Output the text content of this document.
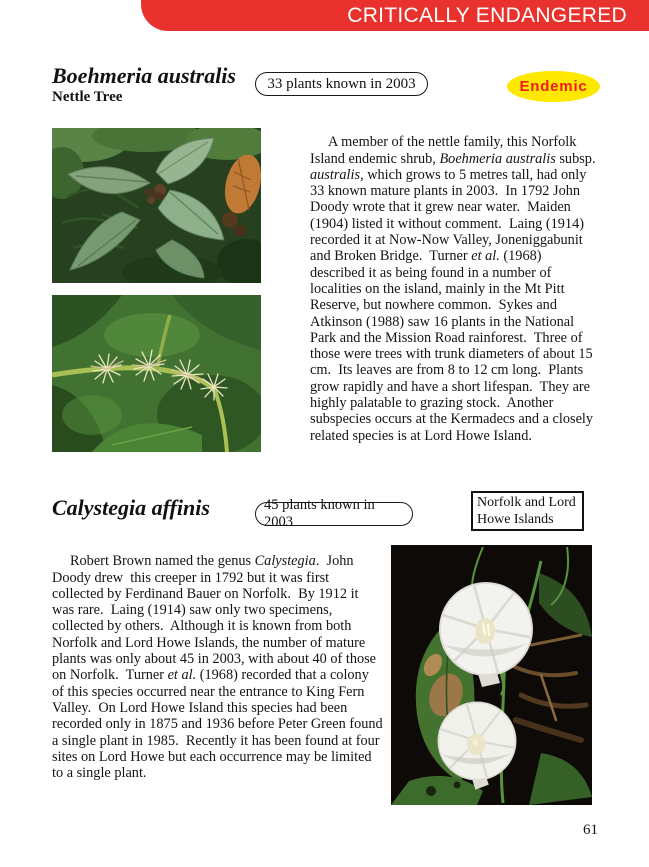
CRITICALLY ENDANGERED
Boehmeria australis
Nettle Tree
33 plants known in 2003	Endemic

A member of the nettle family, this Norfolk Island endemic shrub, Boehmeria australis subsp. australis, which grows to 5 metres tall, had only 33 known mature plants in 2003.  In 1792 John Doody wrote that it grew near water.  Maiden (1904) listed it without comment.  Laing (1914) recorded it at Now-Now Valley, Joneniggabunit and Broken Bridge.  Turner et al. (1968) described it as being found in a number of localities on the island, mainly in the Mt Pitt Reserve, but nowhere common.  Sykes and Atkinson (1988) saw 16 plants in the National Park and the Mission Road rainforest.  Three of those were trees with trunk diameters of about 15 cm.  Its leaves are from 8 to 12 cm long.  Plants grow rapidly and have a short lifespan.  They are highly palatable to grazing stock.  Another subspecies occurs at the Kermadecs and a closely related species is at Lord Howe Island.

Calystegia affinis	45 plants known in 2003
Norfolk and Lord
Howe Islands

Robert Brown named the genus Calystegia.  John Doody drew  this creeper in 1792 but it was first collected by Ferdinand Bauer on Norfolk.  By 1912 it was rare.  Laing (1914) saw only two specimens, collected by others.  Although it is known from both Norfolk and Lord Howe Islands, the number of mature plants was only about 45 in 2003, with about 40 of those on Norfolk.  Turner et al. (1968) recorded that a colony of this species occurred near the entrance to King Fern Valley.  On Lord Howe Island this species had been recorded only in 1875 and 1936 before Peter Green found a single plant in 1985.  Recently it has been found at four sites on Lord Howe but each occurrence may be limited to a single plant.

61
